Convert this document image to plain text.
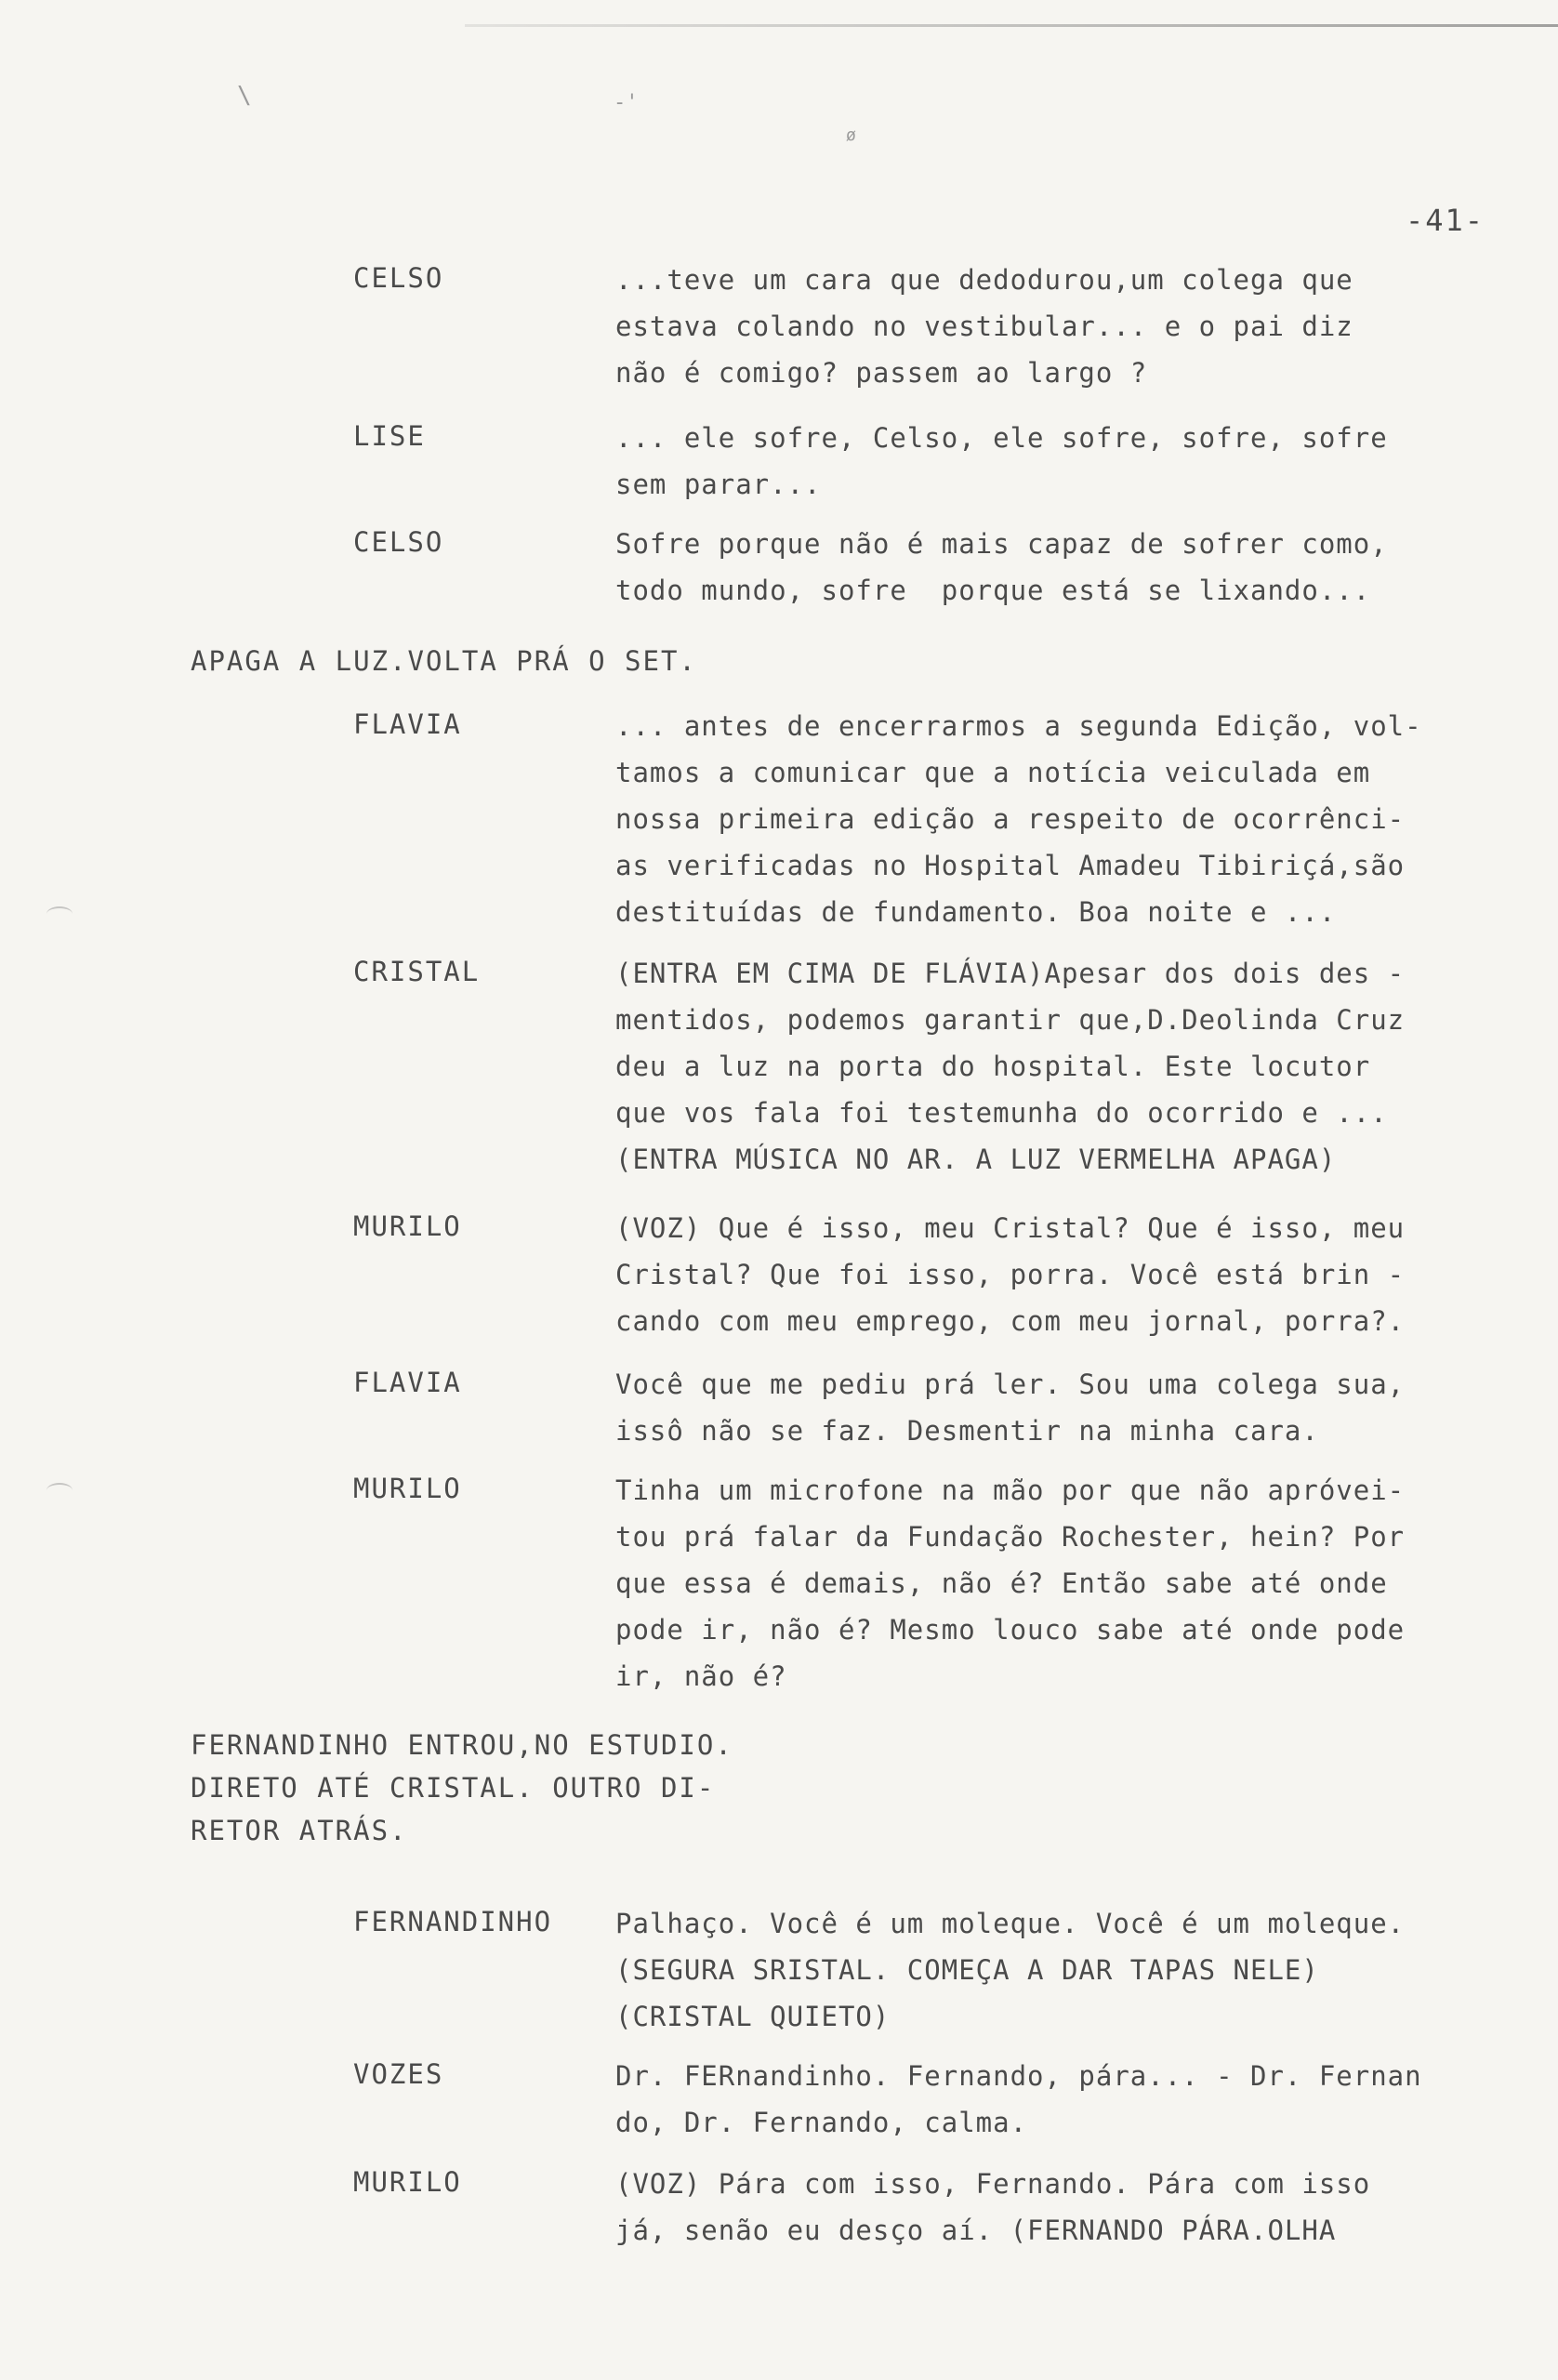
\	-'
ø
-41-
CELSO	...teve um cara que dedodurou,um colega que
estava colando no vestibular... e o pai diz
não é comigo? passem ao largo ?
LISE	... ele sofre, Celso, ele sofre, sofre, sofre
sem parar...
CELSO	Sofre porque não é mais capaz de sofrer como,
todo mundo, sofre  porque está se lixando...
APAGA A LUZ.VOLTA PRÁ O SET.
FLAVIA	... antes de encerrarmos a segunda Edição, vol-
tamos a comunicar que a notícia veiculada em
nossa primeira edição a respeito de ocorrênci-
as verificadas no Hospital Amadeu Tibiriçá,são
destituídas de fundamento. Boa noite e ...
CRISTAL	(ENTRA EM CIMA DE FLÁVIA)Apesar dos dois des -
mentidos, podemos garantir que,D.Deolinda Cruz
deu a luz na porta do hospital. Este locutor
que vos fala foi testemunha do ocorrido e ...
(ENTRA MÚSICA NO AR. A LUZ VERMELHA APAGA)
MURILO	(VOZ) Que é isso, meu Cristal? Que é isso, meu
Cristal? Que foi isso, porra. Você está brin -
cando com meu emprego, com meu jornal, porra?.
FLAVIA	Você que me pediu prá ler. Sou uma colega sua,
issô não se faz. Desmentir na minha cara.
MURILO	Tinha um microfone na mão por que não apróvei-
tou prá falar da Fundação Rochester, hein? Por
que essa é demais, não é? Então sabe até onde
pode ir, não é? Mesmo louco sabe até onde pode
ir, não é?
FERNANDINHO ENTROU,NO ESTUDIO.
DIRETO ATÉ CRISTAL. OUTRO DI-
RETOR ATRÁS.
FERNANDINHO Palhaço. Você é um moleque. Você é um moleque.
(SEGURA SRISTAL. COMEÇA A DAR TAPAS NELE)
(CRISTAL QUIETO)
VOZES	Dr. FERnandinho. Fernando, pára... - Dr. Fernan
do, Dr. Fernando, calma.
MURILO	(VOZ) Pára com isso, Fernando. Pára com isso
já, senão eu desço aí. (FERNANDO PÁRA.OLHA
